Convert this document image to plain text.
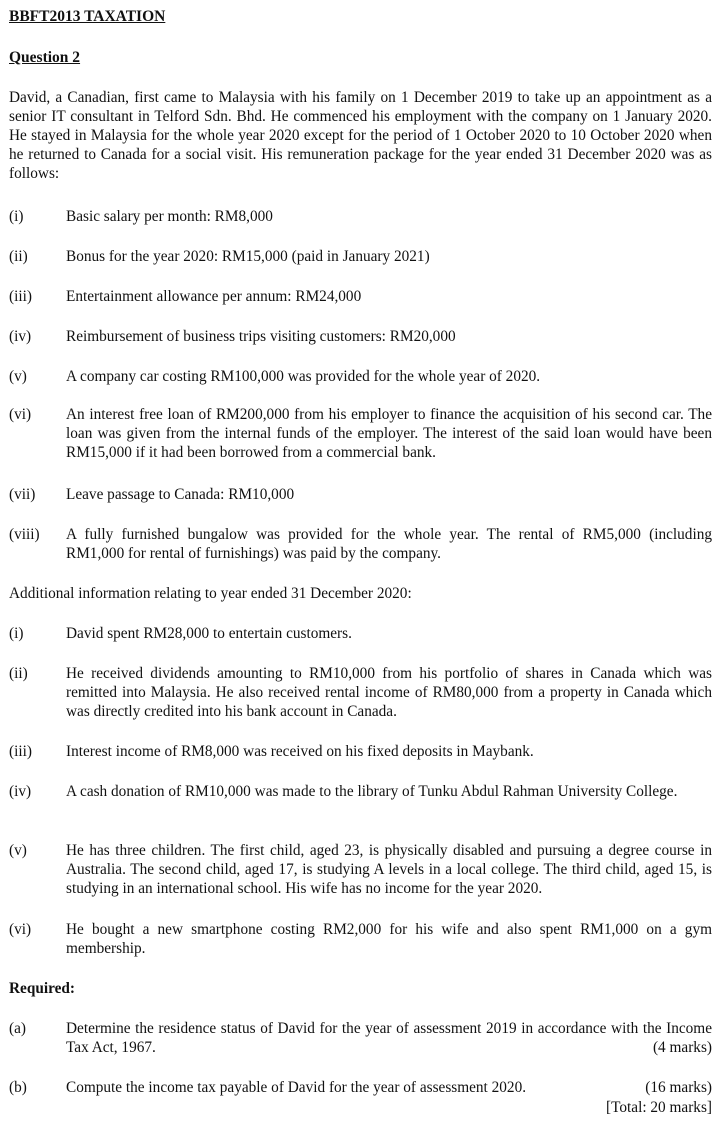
BBFT2013 TAXATION
Question 2
David, a Canadian, first came to Malaysia with his family on 1 December 2019 to take up an appointment as a senior IT consultant in Telford Sdn. Bhd. He commenced his employment with the company on 1 January 2020. He stayed in Malaysia for the whole year 2020 except for the period of 1 October 2020 to 10 October 2020 when he returned to Canada for a social visit. His remuneration package for the year ended 31 December 2020 was as follows:
(i)	Basic salary per month: RM8,000
(ii)	Bonus for the year 2020: RM15,000 (paid in January 2021)
(iii) Entertainment allowance per annum: RM24,000
(iv) Reimbursement of business trips visiting customers: RM20,000
(v)	A company car costing RM100,000 was provided for the whole year of 2020.
(vi) An interest free loan of RM200,000 from his employer to finance the acquisition of his second car. The loan was given from the internal funds of the employer. The interest of the said loan would have been RM15,000 if it had been borrowed from a commercial bank.
(vii) Leave passage to Canada: RM10,000
(viii) A fully furnished bungalow was provided for the whole year. The rental of RM5,000 (including RM1,000 for rental of furnishings) was paid by the company.
Additional information relating to year ended 31 December 2020:
(i)	David spent RM28,000 to entertain customers.
(ii)	He received dividends amounting to RM10,000 from his portfolio of shares in Canada which was remitted into Malaysia. He also received rental income of RM80,000 from a property in Canada which was directly credited into his bank account in Canada.
(iii) Interest income of RM8,000 was received on his fixed deposits in Maybank.
(iv) A cash donation of RM10,000 was made to the library of Tunku Abdul Rahman University College.
(v)	He has three children. The first child, aged 23, is physically disabled and pursuing a degree course in Australia. The second child, aged 17, is studying A levels in a local college. The third child, aged 15, is studying in an international school. His wife has no income for the year 2020.
(vi) He bought a new smartphone costing RM2,000 for his wife and also spent RM1,000 on a gym membership.
Required:
(a)	Determine the residence status of David for the year of assessment 2019 in accordance with the Income Tax Act, 1967.	(4 marks)
(b)	Compute the income tax payable of David for the year of assessment 2020.	(16 marks)
[Total: 20 marks]
